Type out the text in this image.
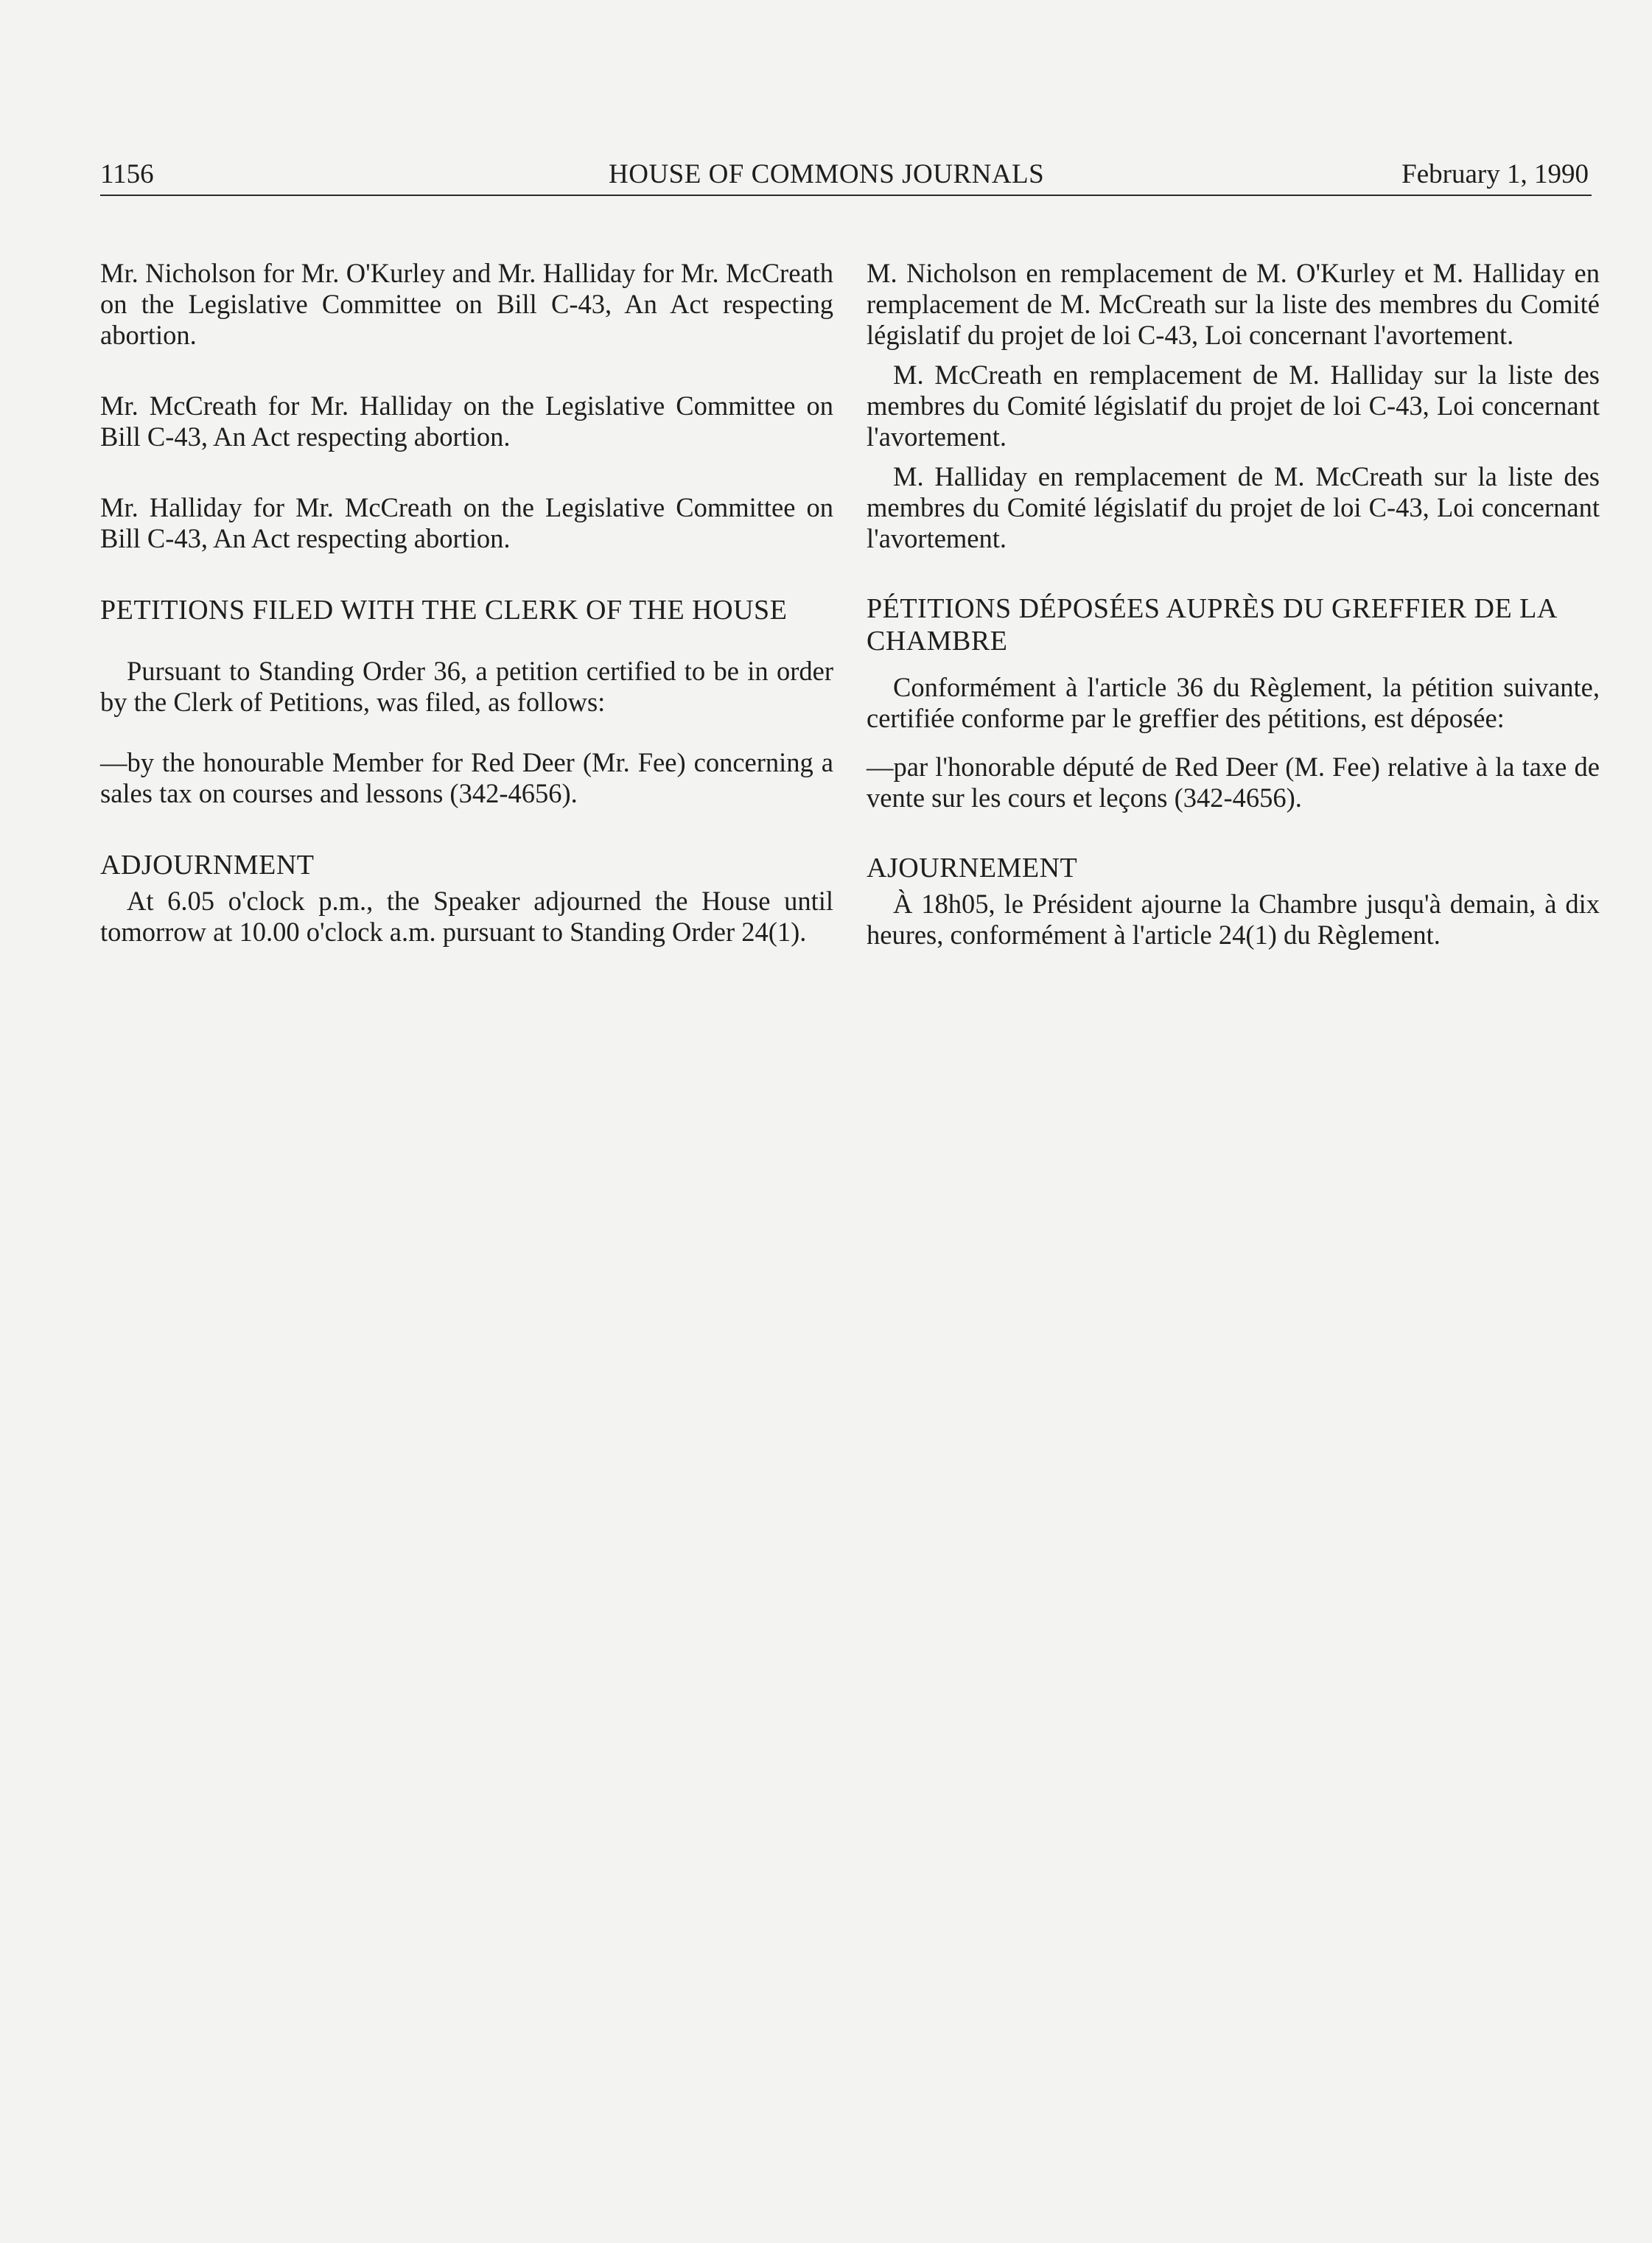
1156	HOUSE OF COMMONS JOURNALS	February 1, 1990

Mr. Nicholson for Mr. O'Kurley and Mr. Halliday for Mr. McCreath on the Legislative Committee on Bill C-43, An Act respecting abortion.

Mr. McCreath for Mr. Halliday on the Legislative Committee on Bill C-43, An Act respecting abortion.

Mr. Halliday for Mr. McCreath on the Legislative Committee on Bill C-43, An Act respecting abortion.

PETITIONS FILED WITH THE CLERK OF THE HOUSE

Pursuant to Standing Order 36, a petition certified to be in order by the Clerk of Petitions, was filed, as follows:

—by the honourable Member for Red Deer (Mr. Fee) concerning a sales tax on courses and lessons (342-4656).

ADJOURNMENT

At 6.05 o'clock p.m., the Speaker adjourned the House until tomorrow at 10.00 o'clock a.m. pursuant to Standing Order 24(1).

M. Nicholson en remplacement de M. O'Kurley et M. Halliday en remplacement de M. McCreath sur la liste des membres du Comité législatif du projet de loi C-43, Loi concernant l'avortement.

M. McCreath en remplacement de M. Halliday sur la liste des membres du Comité législatif du projet de loi C-43, Loi concernant l'avortement.

M. Halliday en remplacement de M. McCreath sur la liste des membres du Comité législatif du projet de loi C-43, Loi concernant l'avortement.

PÉTITIONS DÉPOSÉES AUPRÈS DU GREFFIER DE LA CHAMBRE

Conformément à l'article 36 du Règlement, la pétition suivante, certifiée conforme par le greffier des pétitions, est déposée:

—par l'honorable député de Red Deer (M. Fee) relative à la taxe de vente sur les cours et leçons (342-4656).

AJOURNEMENT

À 18h05, le Président ajourne la Chambre jusqu'à demain, à dix heures, conformément à l'article 24(1) du Règlement.
